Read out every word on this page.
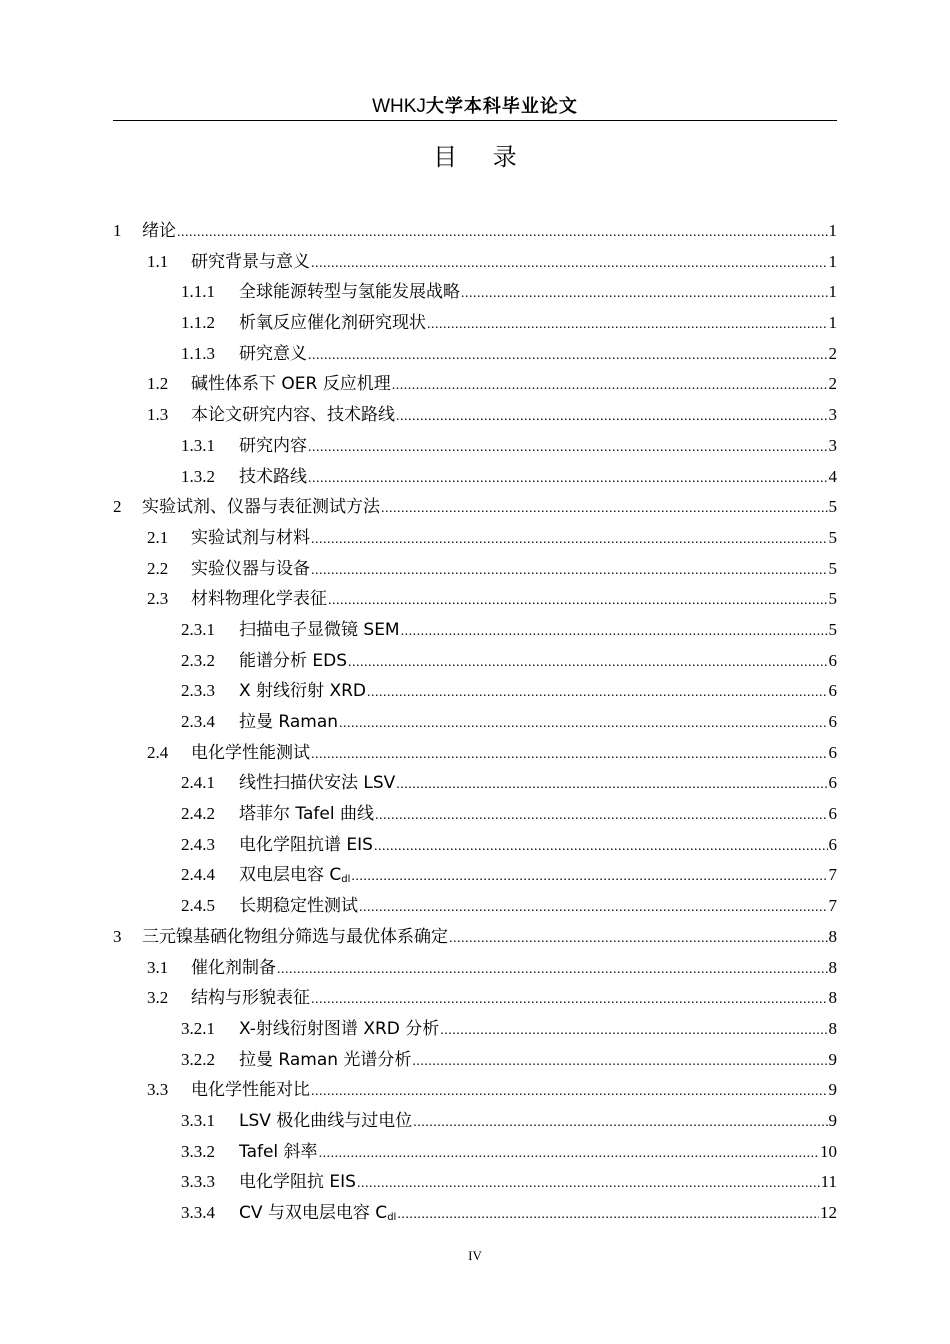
WHKJ大学本科毕业论文
目 录
1	绪论 .....	1
1.1	研究背景与意义 .....	1
1.1.1	全球能源转型与氢能发展战略 .....	1
1.1.2	析氧反应催化剂研究现状 .....	1
1.1.3	研究意义 .....	2
1.2	碱性体系下 OER 反应机理 .....	2
1.3	本论文研究内容、技术路线 .....	3
1.3.1	研究内容 .....	3
1.3.2	技术路线 .....	4
2	实验试剂、仪器与表征测试方法 .....	5
2.1	实验试剂与材料 .....	5
2.2	实验仪器与设备 .....	5
2.3	材料物理化学表征 .....	5
2.3.1	扫描电子显微镜 SEM .....	5
2.3.2	能谱分析 EDS .....	6
2.3.3	X 射线衍射 XRD .....	6
2.3.4	拉曼 Raman .....	6
2.4	电化学性能测试 .....	6
2.4.1	线性扫描伏安法 LSV .....	6
2.4.2	塔菲尔 Tafel 曲线 .....	6
2.4.3	电化学阻抗谱 EIS .....	6
2.4.4	双电层电容 $C_{dl}$ .....	7
2.4.5	长期稳定性测试 .....	7
3	三元镍基硒化物组分筛选与最优体系确定 .....	8
3.1	催化剂制备 .....	8
3.2	结构与形貌表征 .....	8
3.2.1	X-射线衍射图谱 XRD 分析 .....	8
3.2.2	拉曼 Raman 光谱分析 .....	9
3.3	电化学性能对比 .....	9
3.3.1	LSV 极化曲线与过电位 .....	9
3.3.2	Tafel 斜率 .....	10
3.3.3	电化学阻抗 EIS .....	11
3.3.4	CV 与双电层电容 $C_{dl}$ .....	12
IV
